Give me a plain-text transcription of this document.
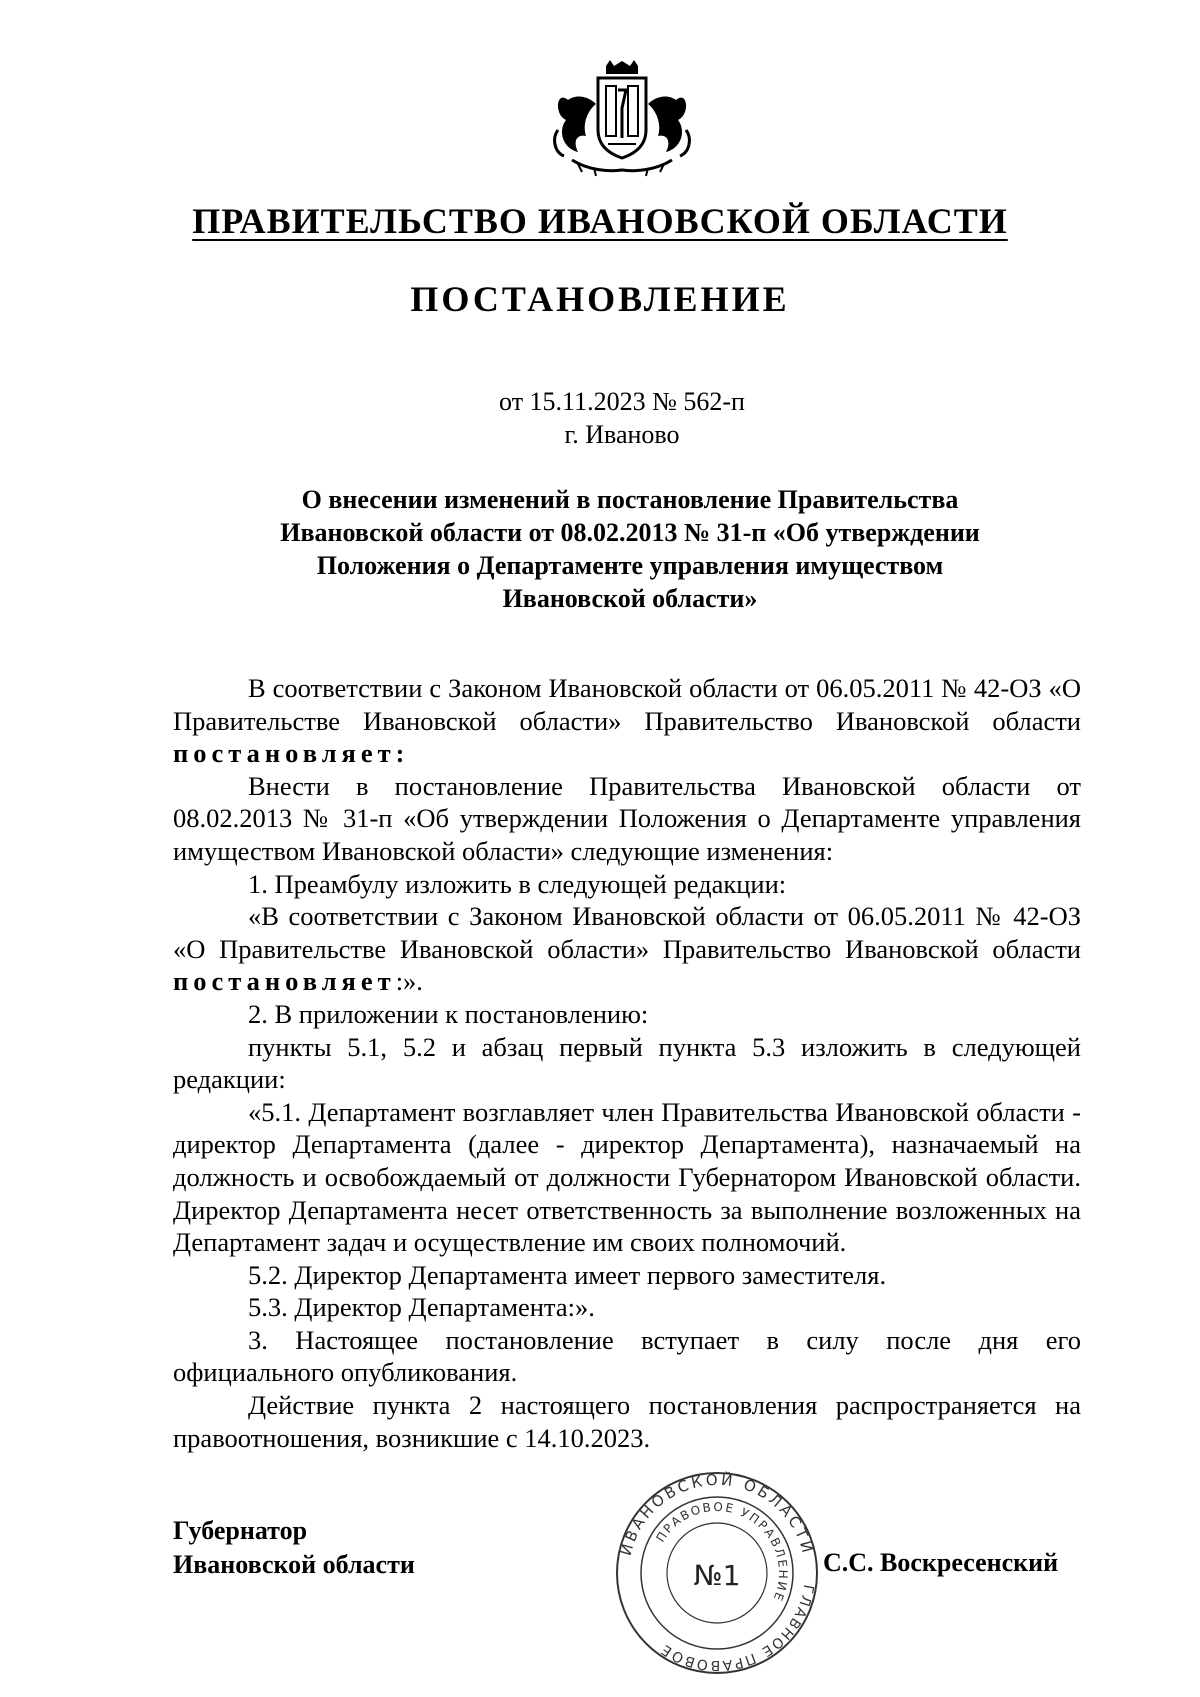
ПРАВИТЕЛЬСТВО ИВАНОВСКОЙ ОБЛАСТИ
ПОСТАНОВЛЕНИЕ
от 15.11.2023 № 562-п
г. Иваново
О внесении изменений в постановление Правительства
Ивановской области от 08.02.2013 № 31-п «Об утверждении
Положения о Департаменте управления имуществом
Ивановской области»

В соответствии с Законом Ивановской области от 06.05.2011 № 42-ОЗ «О Правительстве Ивановской области» Правительство Ивановской области постановляет:

Внести в постановление Правительства Ивановской области от 08.02.2013 № 31-п «Об утверждении Положения о Департаменте управления имуществом Ивановской области» следующие изменения:

1. Преамбулу изложить в следующей редакции:

«В соответствии с Законом Ивановской области от 06.05.2011 № 42-ОЗ «О Правительстве Ивановской области» Правительство Ивановской области постановляет:».

2. В приложении к постановлению:

пункты 5.1, 5.2 и абзац первый пункта 5.3 изложить в следующей редакции:

«5.1. Департамент возглавляет член Правительства Ивановской области - директор Департамента (далее - директор Департамента), назначаемый на должность и освобождаемый от должности Губернатором Ивановской области. Директор Департамента несет ответственность за выполнение возложенных на Департамент задач и осуществление им своих полномочий.

5.2. Директор Департамента имеет первого заместителя.

5.3. Директор Департамента:».

3. Настоящее постановление вступает в силу после дня его официального опубликования.

Действие пункта 2 настоящего постановления распространяется на правоотношения, возникшие с 14.10.2023.

Губернатор
Ивановской области	С.С. Воскресенский
ИВАНОВСКОЙ ОБЛАСТИ
ГЛАВНОЕ ПРАВОВОЕ
ПРАВОВОЕ УПРАВЛЕНИЕ
№1
